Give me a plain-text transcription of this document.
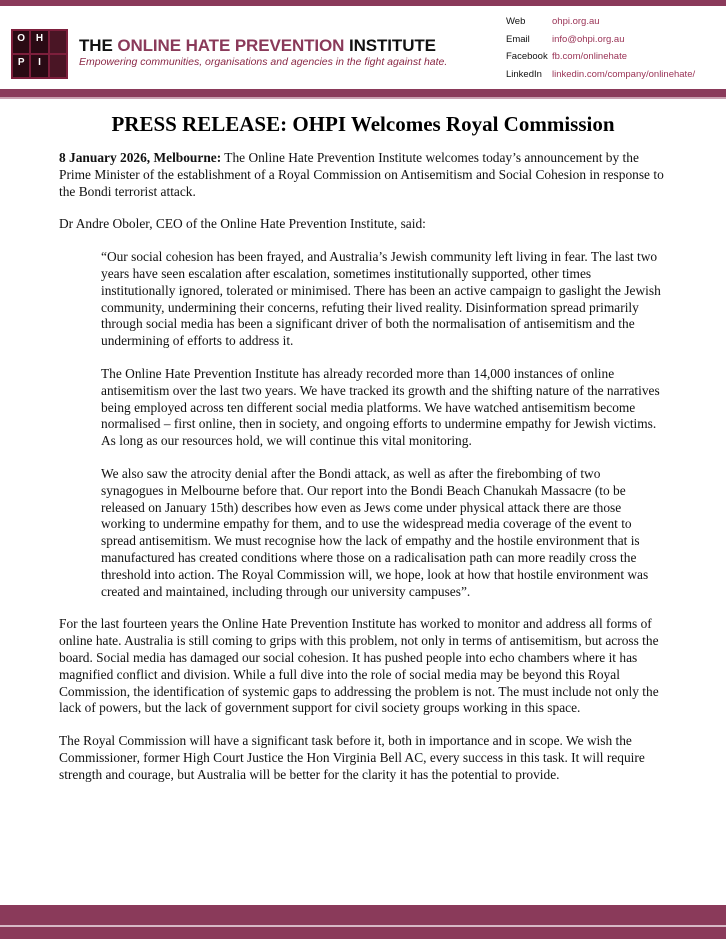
O	H
P	I
THE ONLINE HATE PREVENTION INSTITUTE
Empowering communities, organisations and agencies in the fight against hate.
Web	ohpi.org.au
Email	info@ohpi.org.au
Facebook fb.com/onlinehate
LinkedIn	linkedin.com/company/onlinehate/
PRESS RELEASE: OHPI Welcomes Royal Commission

8 January 2026, Melbourne: The Online Hate Prevention Institute welcomes today’s announcement by the Prime Minister of the establishment of a Royal Commission on Antisemitism and Social Cohesion in response to the Bondi terrorist attack.

Dr Andre Oboler, CEO of the Online Hate Prevention Institute, said:

“Our social cohesion has been frayed, and Australia’s Jewish community left living in fear. The last two years have seen escalation after escalation, sometimes institutionally supported, other times institutionally ignored, tolerated or minimised. There has been an active campaign to gaslight the Jewish community, undermining their concerns, refuting their lived reality. Disinformation spread primarily through social media has been a significant driver of both the normalisation of antisemitism and the undermining of efforts to address it.

The Online Hate Prevention Institute has already recorded more than 14,000 instances of online antisemitism over the last two years. We have tracked its growth and the shifting nature of the narratives being employed across ten different social media platforms. We have watched antisemitism become normalised – first online, then in society, and ongoing efforts to undermine empathy for Jewish victims. As long as our resources hold, we will continue this vital monitoring.

We also saw the atrocity denial after the Bondi attack, as well as after the firebombing of two synagogues in Melbourne before that. Our report into the Bondi Beach Chanukah Massacre (to be released on January 15th) describes how even as Jews come under physical attack there are those working to undermine empathy for them, and to use the widespread media coverage of the event to spread antisemitism. We must recognise how the lack of empathy and the hostile environment that is manufactured has created conditions where those on a radicalisation path can more readily cross the threshold into action. The Royal Commission will, we hope, look at how that hostile environment was created and maintained, including through our university campuses”.

For the last fourteen years the Online Hate Prevention Institute has worked to monitor and address all forms of online hate. Australia is still coming to grips with this problem, not only in terms of antisemitism, but across the board. Social media has damaged our social cohesion. It has pushed people into echo chambers where it has magnified conflict and division. While a full dive into the role of social media may be beyond this Royal Commission, the identification of systemic gaps to addressing the problem is not. The must include not only the lack of powers, but the lack of government support for civil society groups working in this space.

The Royal Commission will have a significant task before it, both in importance and in scope. We wish the Commissioner, former High Court Justice the Hon Virginia Bell AC, every success in this task. It will require strength and courage, but Australia will be better for the clarity it has the potential to provide.
